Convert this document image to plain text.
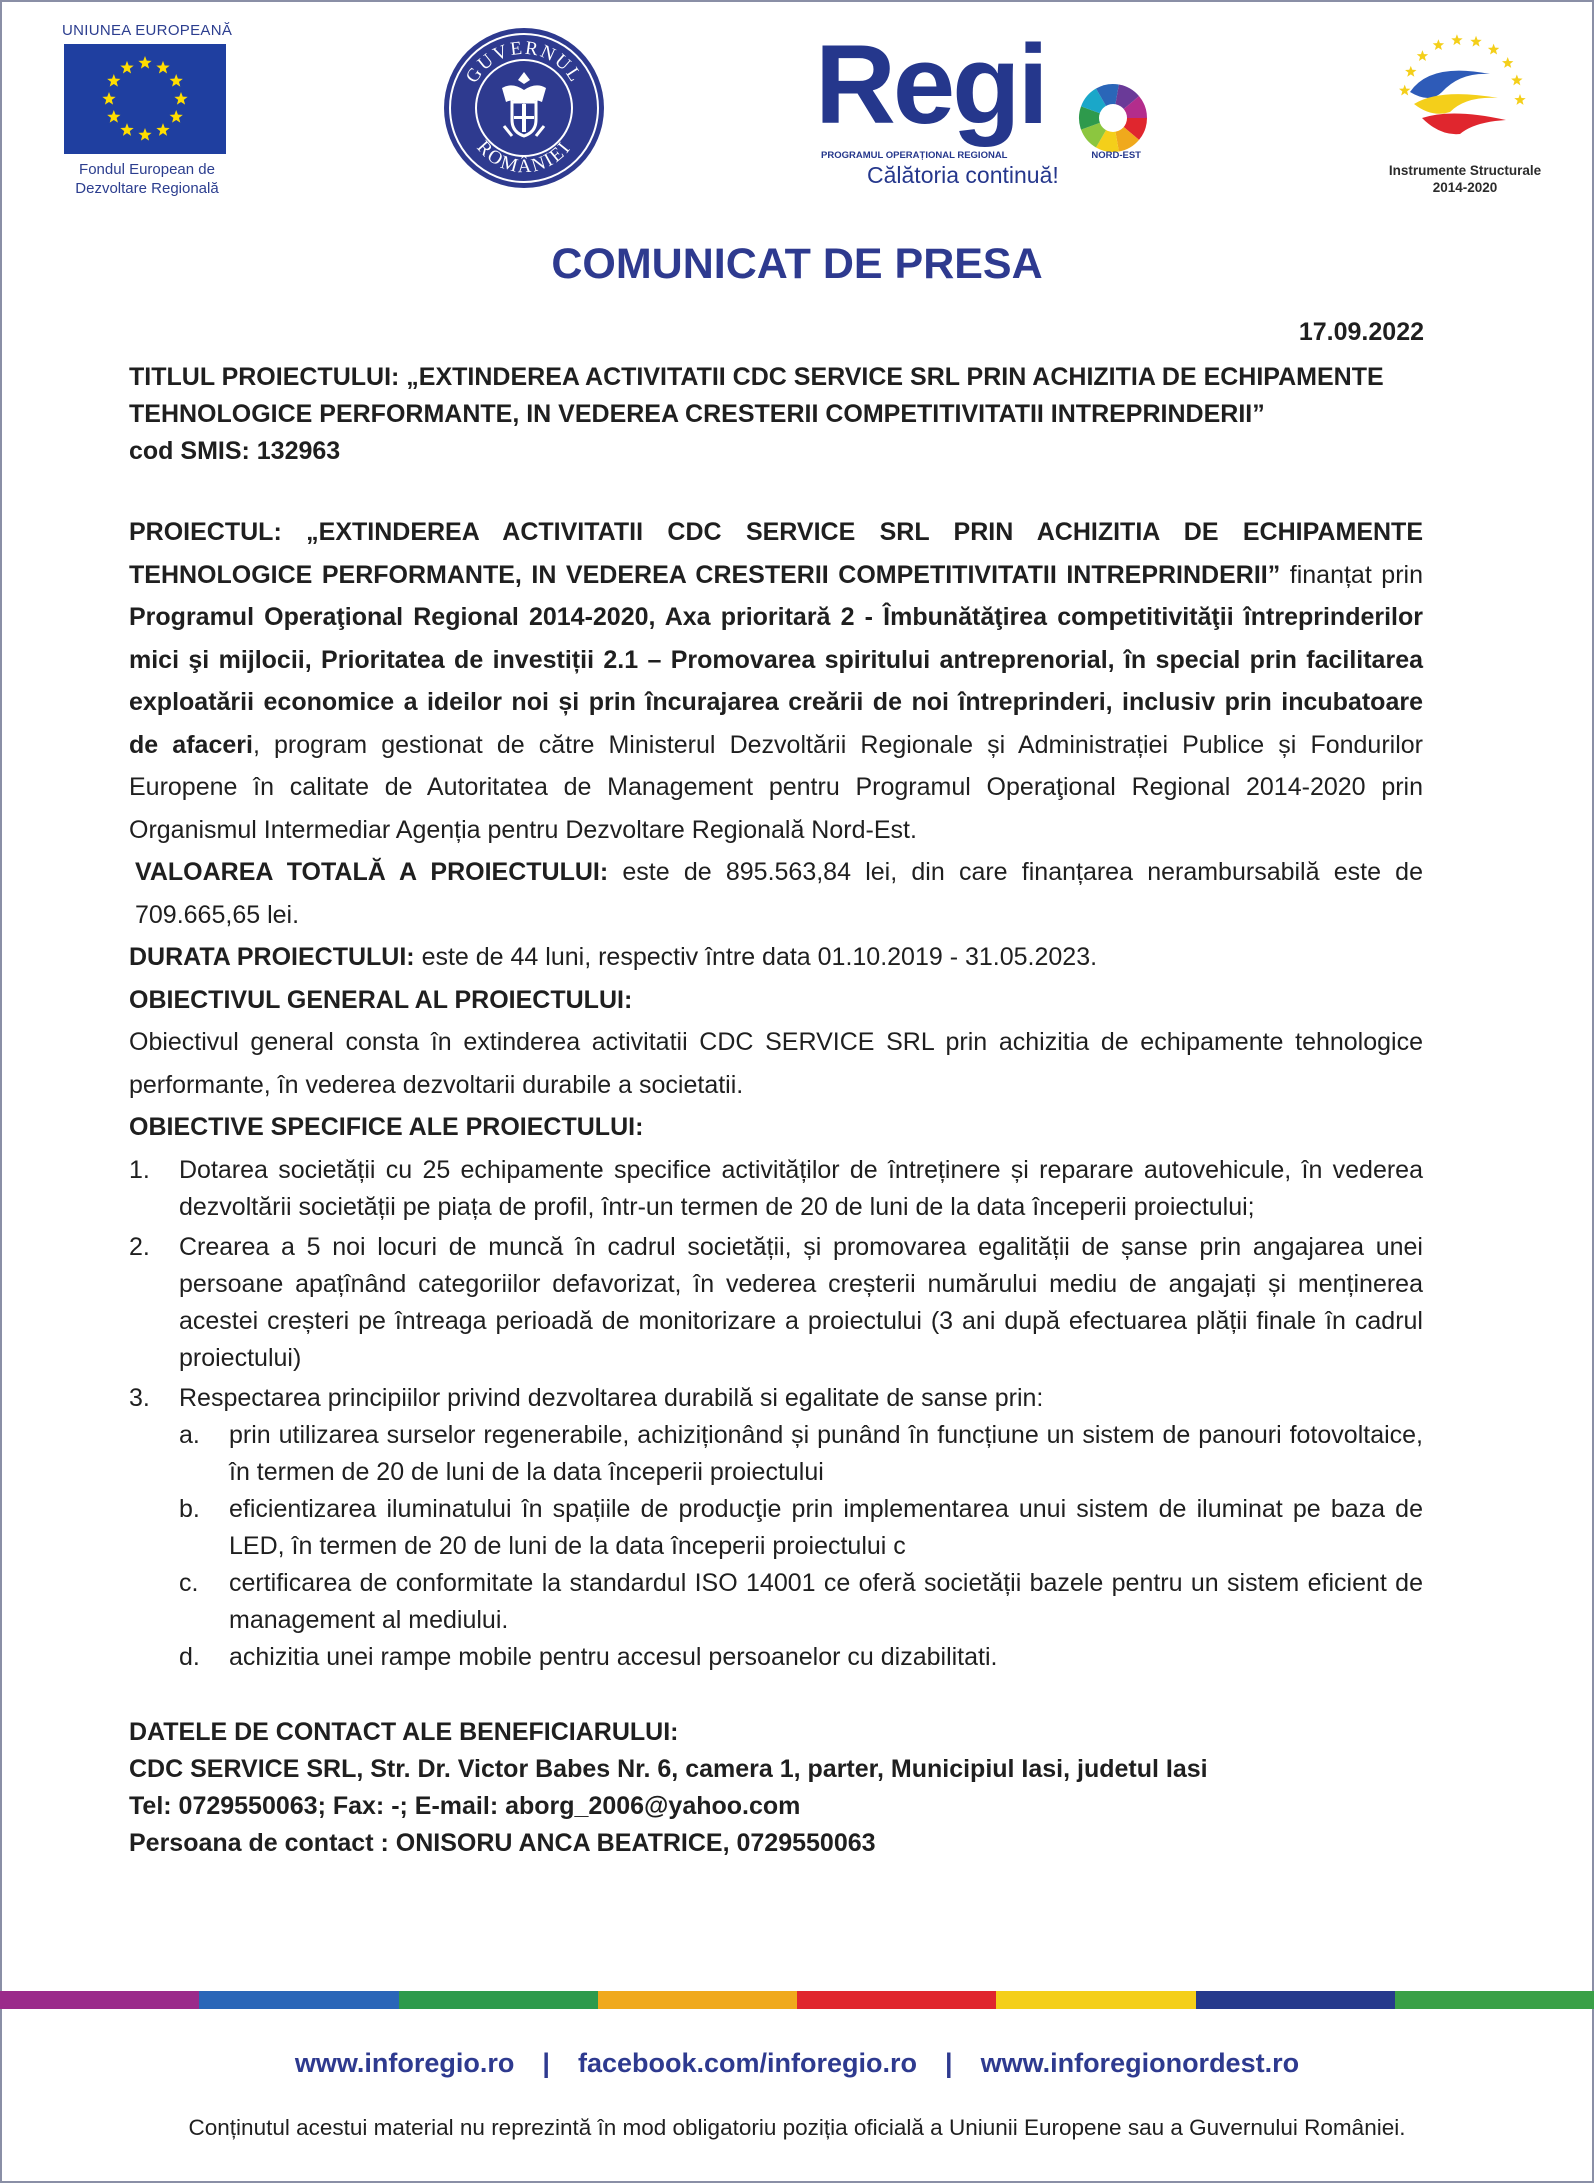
UNIUNEA EUROPEANĂ
Fondul European de
Dezvoltare Regională
GUVERNUL
ROMÂNIEI
Regi
PROGRAMUL OPERAȚIONAL REGIONAL	NORD-EST
Călătoria continuă!	Instrumente Structurale
2014-2020
COMUNICAT DE PRESA
17.09.2022

TITLUL PROIECTULUI: „EXTINDEREA ACTIVITATII CDC SERVICE SRL PRIN ACHIZITIA DE ECHIPAMENTE

TEHNOLOGICE PERFORMANTE, IN VEDEREA CRESTERII COMPETITIVITATII INTREPRINDERII”

cod SMIS: 132963

PROIECTUL: „EXTINDEREA ACTIVITATII CDC SERVICE SRL PRIN ACHIZITIA DE ECHIPAMENTE TEHNOLOGICE PERFORMANTE, IN VEDEREA CRESTERII COMPETITIVITATII INTREPRINDERII” finanțat prin Programul Operaţional Regional 2014-2020, Axa prioritară 2 - Îmbunătăţirea competitivităţii întreprinderilor mici şi mijlocii, Prioritatea de investiții 2.1 – Promovarea spiritului antreprenorial, în special prin facilitarea exploatării economice a ideilor noi și prin încurajarea creării de noi întreprinderi, inclusiv prin incubatoare de afaceri, program gestionat de către Ministerul Dezvoltării Regionale și Administrației Publice și Fondurilor Europene în calitate de Autoritatea de Management pentru Programul Operaţional Regional 2014-2020 prin Organismul Intermediar Agenția pentru Dezvoltare Regională Nord-Est.

VALOAREA TOTALĂ A PROIECTULUI: este de 895.563,84 lei, din care finanțarea nerambursabilă este de 709.665,65 lei.

DURATA PROIECTULUI: este de 44 luni, respectiv între data 01.10.2019 - 31.05.2023.

OBIECTIVUL GENERAL AL PROIECTULUI:

Obiectivul general consta în extinderea activitatii CDC SERVICE SRL prin achizitia de echipamente tehnologice performante, în vederea dezvoltarii durabile a societatii.

OBIECTIVE SPECIFICE ALE PROIECTULUI:

1. Dotarea societății cu 25 echipamente specifice activităților de întreținere și reparare autovehicule, în vederea dezvoltării societății pe piața de profil, într-un termen de 20 de luni de la data începerii proiectului;
2. Crearea a 5 noi locuri de muncă în cadrul societății, și promovarea egalității de șanse prin angajarea unei persoane apațînând categoriilor defavorizat, în vederea creșterii numărului mediu de angajați și menținerea acestei creșteri pe întreaga perioadă de monitorizare a proiectului (3 ani după efectuarea plății finale în cadrul proiectului)
3. Respectarea principiilor privind dezvoltarea durabilă si egalitate de sanse prin:
a. prin utilizarea surselor regenerabile, achiziționând și punând în funcțiune un sistem de panouri fotovoltaice, în termen de 20 de luni de la data începerii proiectului
b. eficientizarea iluminatului în spațiile de producţie prin implementarea unui sistem de iluminat pe baza de LED, în termen de 20 de luni de la data începerii proiectului c
c. certificarea de conformitate la standardul ISO 14001 ce oferă societății bazele pentru un sistem eficient de management al mediului.
d. achizitia unei rampe mobile pentru accesul persoanelor cu dizabilitati.
DATELE DE CONTACT ALE BENEFICIARULUI:
CDC SERVICE SRL, Str. Dr. Victor Babes Nr. 6, camera 1, parter, Municipiul Iasi, judetul Iasi
Tel: 0729550063; Fax: -; E-mail: aborg_2006@yahoo.com
Persoana de contact : ONISORU ANCA BEATRICE, 0729550063
www.inforegio.ro | facebook.com/inforegio.ro | www.inforegionordest.ro
Conținutul acestui material nu reprezintă în mod obligatoriu poziția oficială a Uniunii Europene sau a Guvernului României.
